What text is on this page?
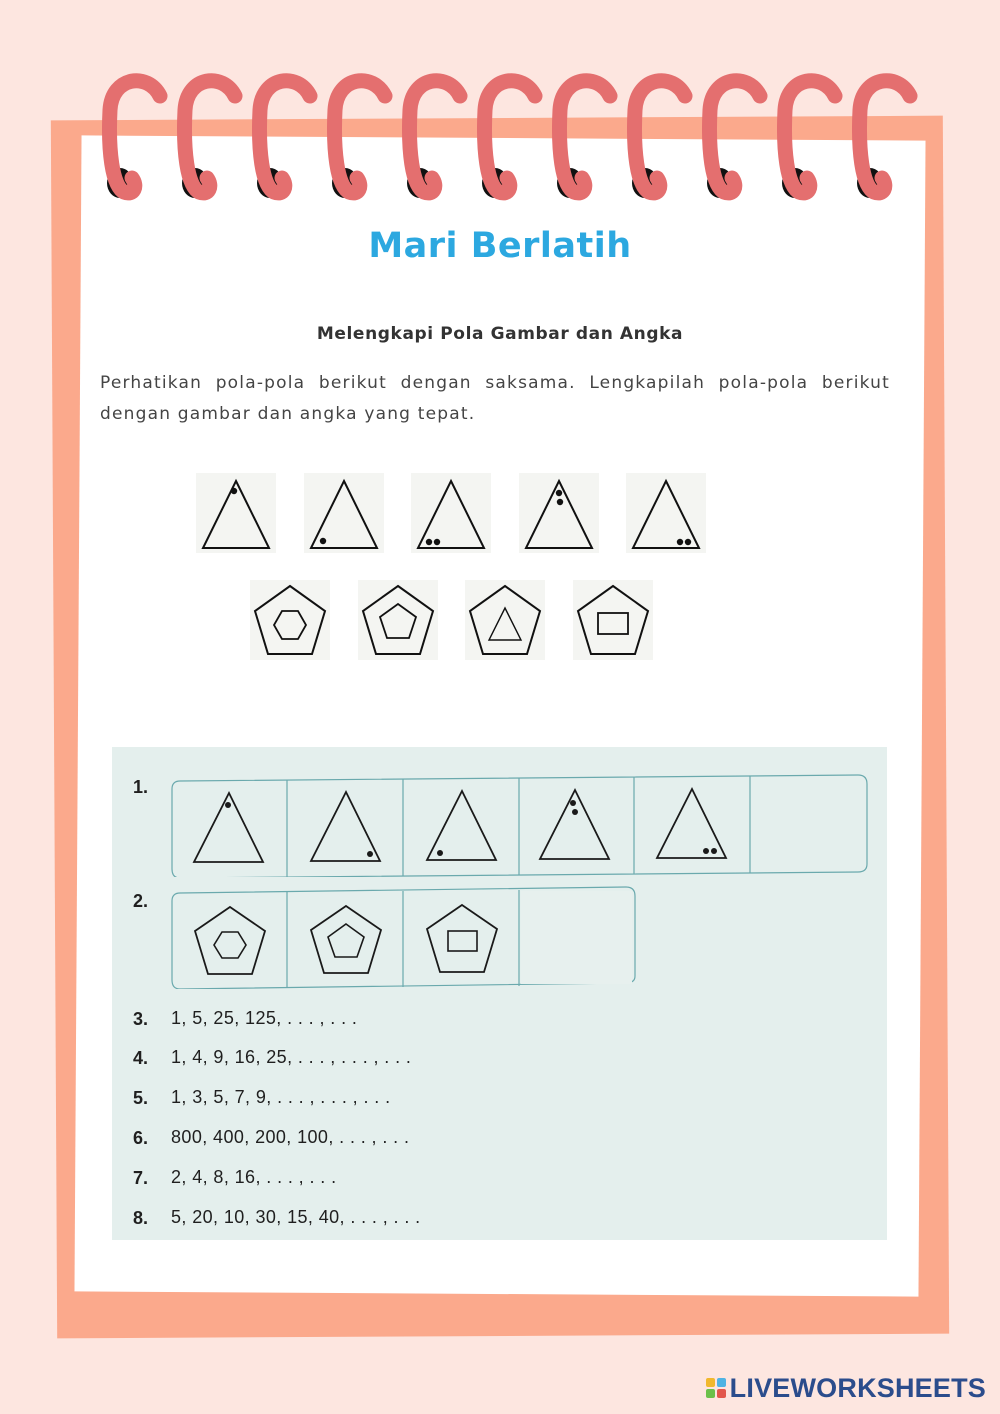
Mari Berlatih
Melengkapi Pola Gambar dan Angka
Perhatikan pola-pola berikut dengan saksama. Lengkapilah pola-pola berikut dengan gambar dan angka yang tepat.
1.
2.
3. 1, 5, 25, 125, . . . , . . .
4. 1, 4, 9, 16, 25, . . . , . . . , . . .
5. 1, 3, 5, 7, 9, . . . , . . . , . . .
6. 800, 400, 200, 100, . . . , . . .
7. 2, 4, 8, 16, . . . , . . .
8. 5, 20, 10, 30, 15, 40, . . . , . . .
LIVEWORKSHEETS
